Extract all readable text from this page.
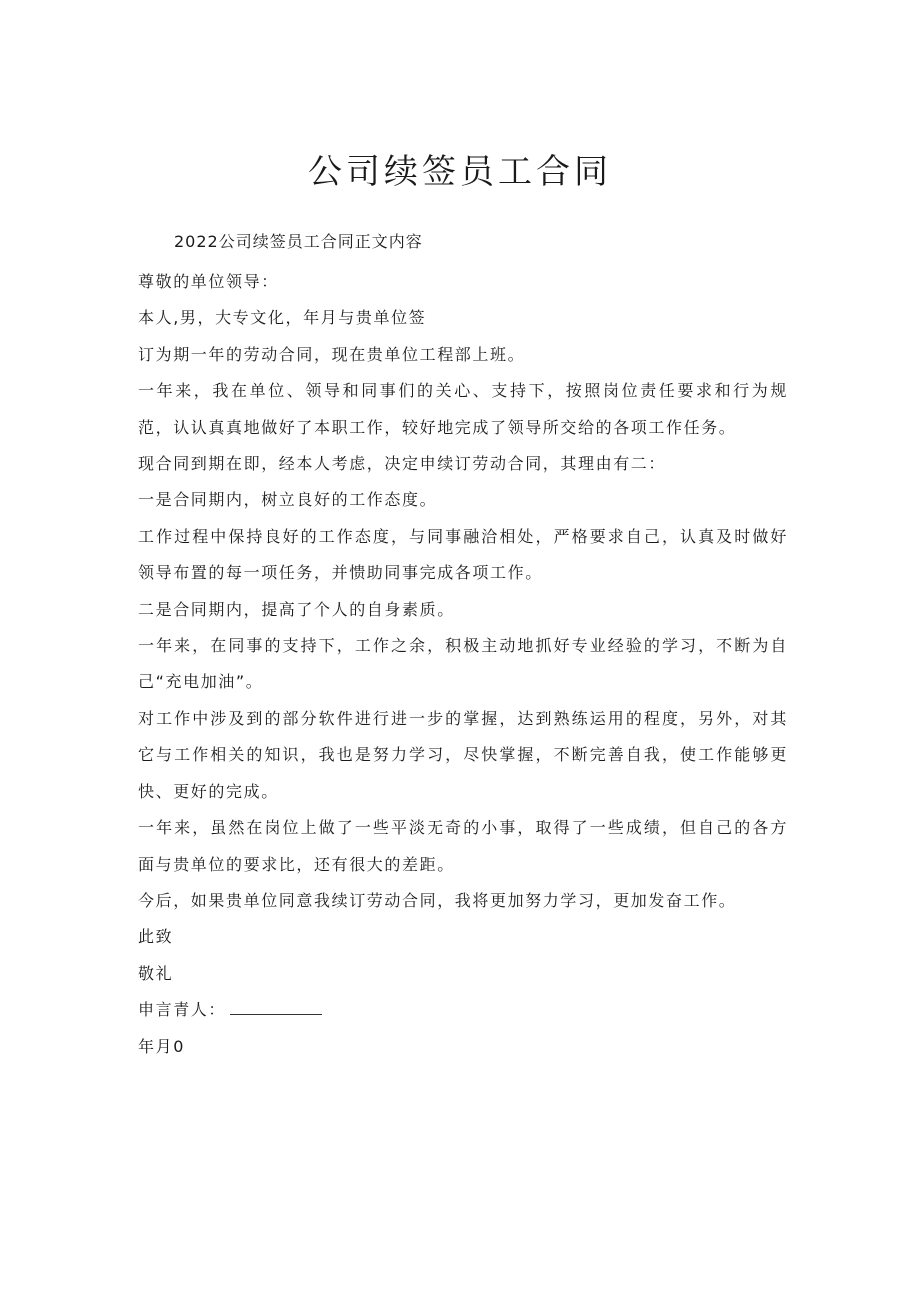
公司续签员工合同
2022公司续签员工合同正文内容

尊敬的单位领导：

本人,男，大专文化，年月与贵单位签

订为期一年的劳动合同，现在贵单位工程部上班。

一年来，我在单位、领导和同事们的关心、支持下，按照岗位责任要求和行为规范，认认真真地做好了本职工作，较好地完成了领导所交给的各项工作任务。

现合同到期在即，经本人考虑，决定申续订劳动合同，其理由有二：

一是合同期内，树立良好的工作态度。

工作过程中保持良好的工作态度，与同事融洽相处，严格要求自己，认真及时做好领导布置的每一项任务，并愦助同事完成各项工作。

二是合同期内，提高了个人的自身素质。

一年来，在同事的支持下，工作之余，积极主动地抓好专业经验的学习，不断为自己“充电加油”。

对工作中涉及到的部分软件进行进一步的掌握，达到熟练运用的程度，另外，对其它与工作相关的知识，我也是努力学习，尽快掌握，不断完善自我，使工作能够更快、更好的完成。

一年来，虽然在岗位上做了一些平淡无奇的小事，取得了一些成绩，但自己的各方面与贵单位的要求比，还有很大的差距。

今后，如果贵单位同意我续订劳动合同，我将更加努力学习，更加发奋工作。

此致

敬礼

申言青人：

年月0
